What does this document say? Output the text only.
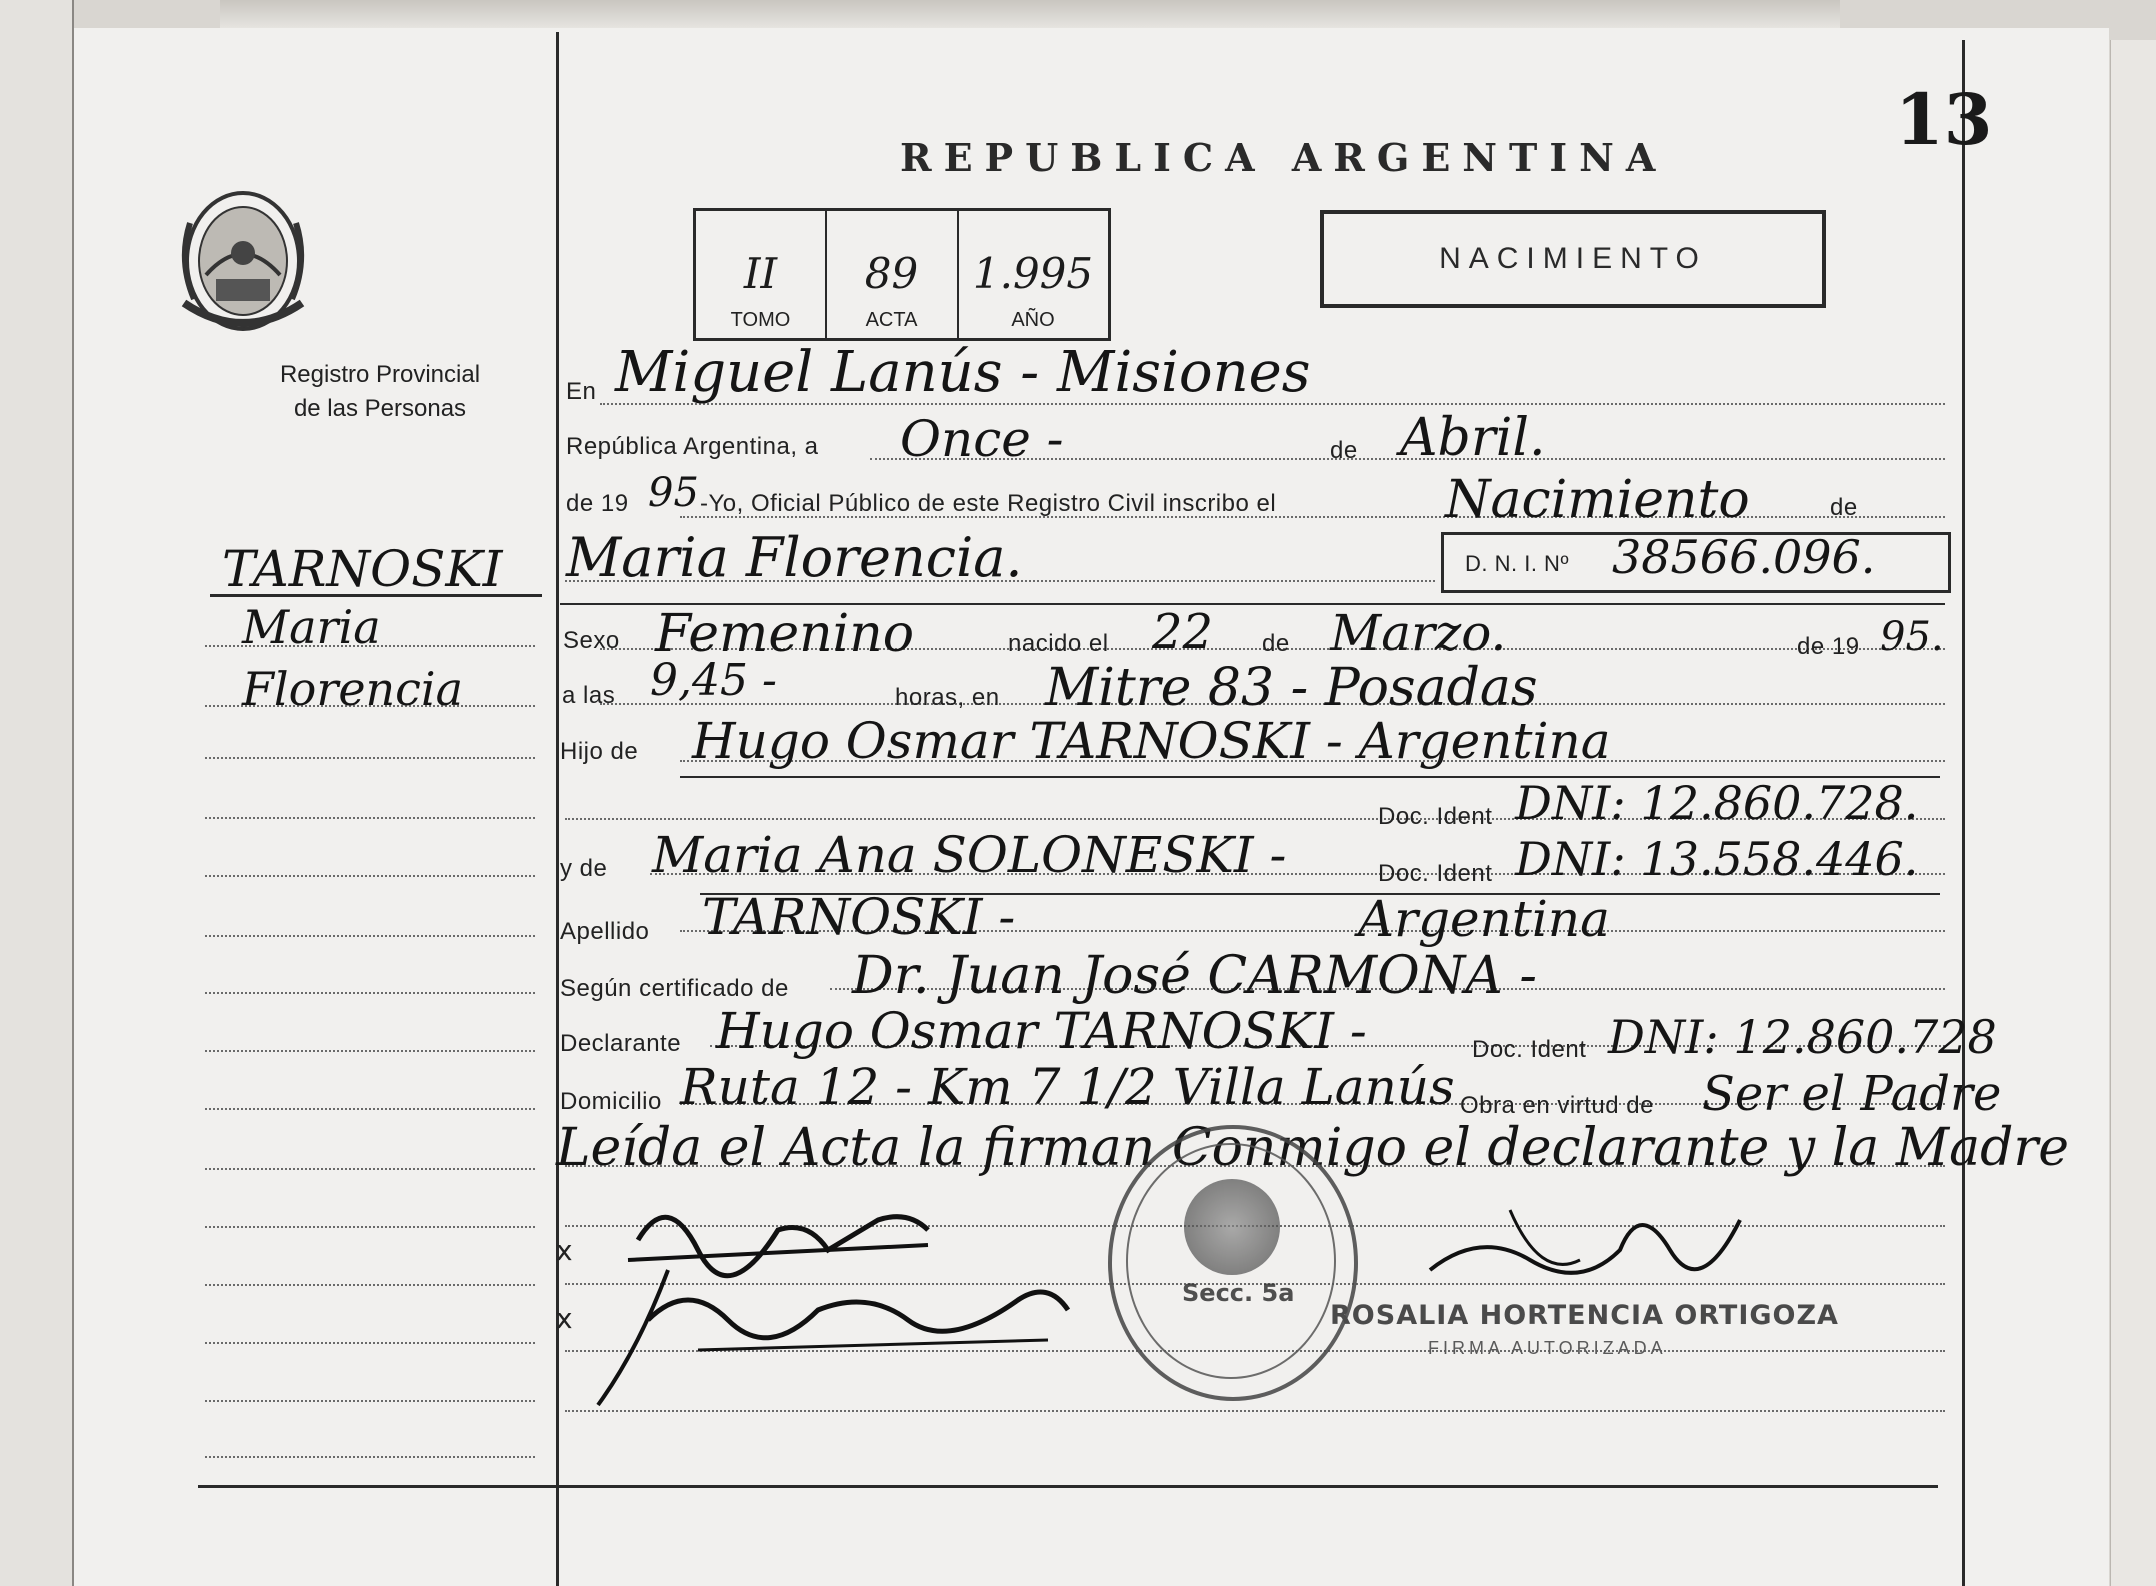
13
REPUBLICA ARGENTINA
Registro Provincial
de las Personas
II
TOMO
89
ACTA
1.995
AÑO
NACIMIENTO
TARNOSKI
Maria
Florencia
En Miguel Lanús - Misiones
República Argentina, a Once -	de Abril.
de 19 95 -Yo, Oficial Público de este Registro Civil inscribo el	Nacimiento	de
Maria Florencia.	D. N. I. Nº 38566.096.
Sexo Femenino	nacido el 22 de Marzo.	de 19 95.
a las 9,45 -	horas, en Mitre 83 - Posadas
Hijo de Hugo Osmar TARNOSKI - Argentina
Doc. Ident DNI: 12.860.728.
y de Maria Ana SOLONESKI -	Doc. Ident DNI: 13.558.446.
Apellido TARNOSKI -	Argentina
Según certificado de Dr. Juan José CARMONA -
Declarante Hugo Osmar TARNOSKI -	Doc. Ident DNI: 12.860.728
Domicilio Ruta 12 - Km 7 1/2 Villa Lanús Obra en virtud de Ser el Padre
Leída el Acta la firman Conmigo el declarante y la Madre
x
x
Secc. 5a
ROSALIA HORTENCIA ORTIGOZA
FIRMA AUTORIZADA
